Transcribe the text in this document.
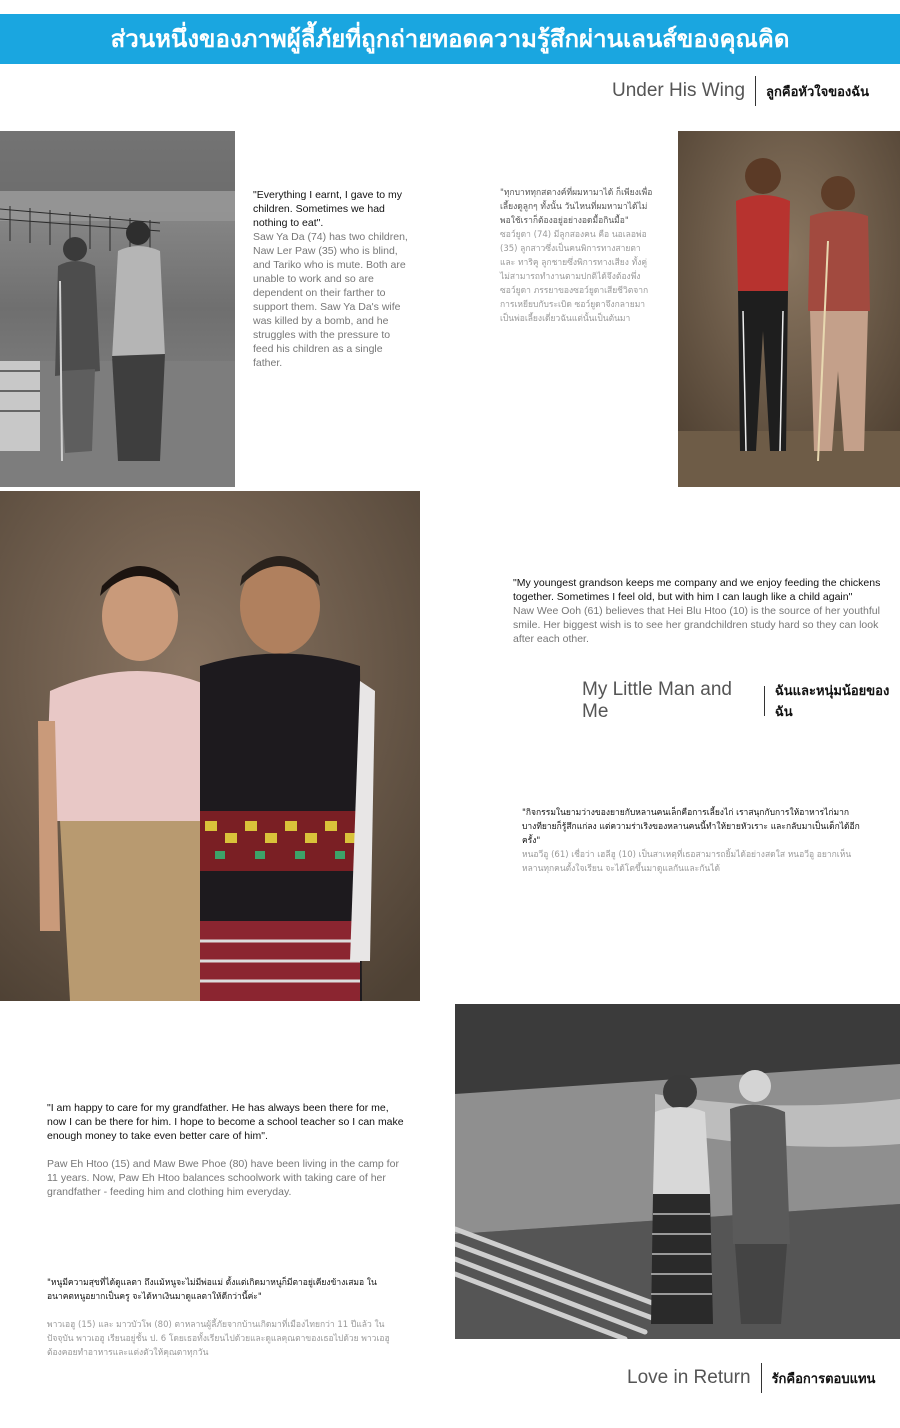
ส่วนหนึ่งของภาพผู้ลี้ภัยที่ถูกถ่ายทอดความรู้สึกผ่านเลนส์ของคุณคิด
Under His Wing	ลูกคือหัวใจของฉัน
"Everything I earnt, I gave to my children. Sometimes we had nothing to eat".
Saw Ya Da (74) has two children, Naw Ler Paw (35) who is blind, and Tariko who is mute. Both are unable to work and so are dependent on their farther to support them. Saw Ya Da's wife was killed by a bomb, and he struggles with the pressure to feed his children as a single father.
"ทุกบาททุกสตางค์ที่ผมหามาได้ ก็เพียงเพื่อเลี้ยงดูลูกๆ ทั้งนั้น วันไหนที่ผมหามาได้ไม่พอใช้เราก็ต้องอยู่อย่างอดมื้อกินมื้อ"
ซอว์ยูดา (74) มีลูกสองคน คือ นอเลอพ่อ (35) ลูกสาวซึ่งเป็นคนพิการทางสายตา และ ทาริคู ลูกชายซึ่งพิการทางเสียง ทั้งคู่ไม่สามารถทำงานตามปกติได้จึงต้องพึ่ง ซอว์ยูดา ภรรยาของซอว์ยูดาเสียชีวิตจากการเหยียบกับระเบิด ซอว์ยูดาจึงกลายมาเป็นพ่อเลี้ยงเดี่ยวฉันแต่นั้นเป็นต้นมา
"My youngest grandson keeps me company and we enjoy feeding the chickens together. Sometimes I feel old, but with him I can laugh like a child again"
Naw Wee Ooh (61) believes that Hei Blu Htoo (10) is the source of her youthful smile. Her biggest wish is to see her grandchildren study hard so they can look after each other.
My Little Man and Me
ฉันและหนุ่มน้อยของฉัน
"กิจกรรมในยามว่างของยายกับหลานคนเล็กคือการเลี้ยงไก่ เราสนุกกับการให้อาหารไก่มาก บางทียายก็รู้สึกแก่ลง แต่ความร่าเริงของหลานคนนี้ทำให้ยายหัวเราะ และกลับมาเป็นเด็กได้อีกครั้ง"
หนอวีอู (61) เชื่อว่า เฮลีฮู (10) เป็นสาเหตุที่เธอสามารถยิ้มได้อย่างสดใส หนอวีอู อยากเห็นหลานทุกคนตั้งใจเรียน จะได้โตขึ้นมาดูแลกันและกันได้
"I am happy to care for my grandfather. He has always been there for me, now I can be there for him. I hope to become a school teacher so I can make enough money to take even better care of him".
Paw Eh Htoo (15) and Maw Bwe Phoe (80) have been living in the camp for 11 years. Now, Paw Eh Htoo balances schoolwork with taking care of her grandfather - feeding him and clothing him everyday.
"หนูมีความสุขที่ได้ดูแลตา ถึงแม้หนูจะไม่มีพ่อแม่ ตั้งแต่เกิดมาหนูก็มีตาอยู่เคียงข้างเสมอ ในอนาคตหนูอยากเป็นครู จะได้หาเงินมาดูแลตาให้ดีกว่านี้ค่ะ"
พาวเอฮู (15) และ มาวบัวโพ (80) ตาหลานผู้ลี้ภัยจากบ้านเกิดมาที่เมืองไทยกว่า 11 ปีแล้ว ในปัจจุบัน พาวเอฮู เรียนอยู่ชั้น ป. 6 โดยเธอทั้งเรียนไปด้วยและดูแลคุณตาของเธอไปด้วย พาวเอฮู ต้องคอยทำอาหารและแต่งตัวให้คุณตาทุกวัน
Love in Return	รักคือการตอบแทน
